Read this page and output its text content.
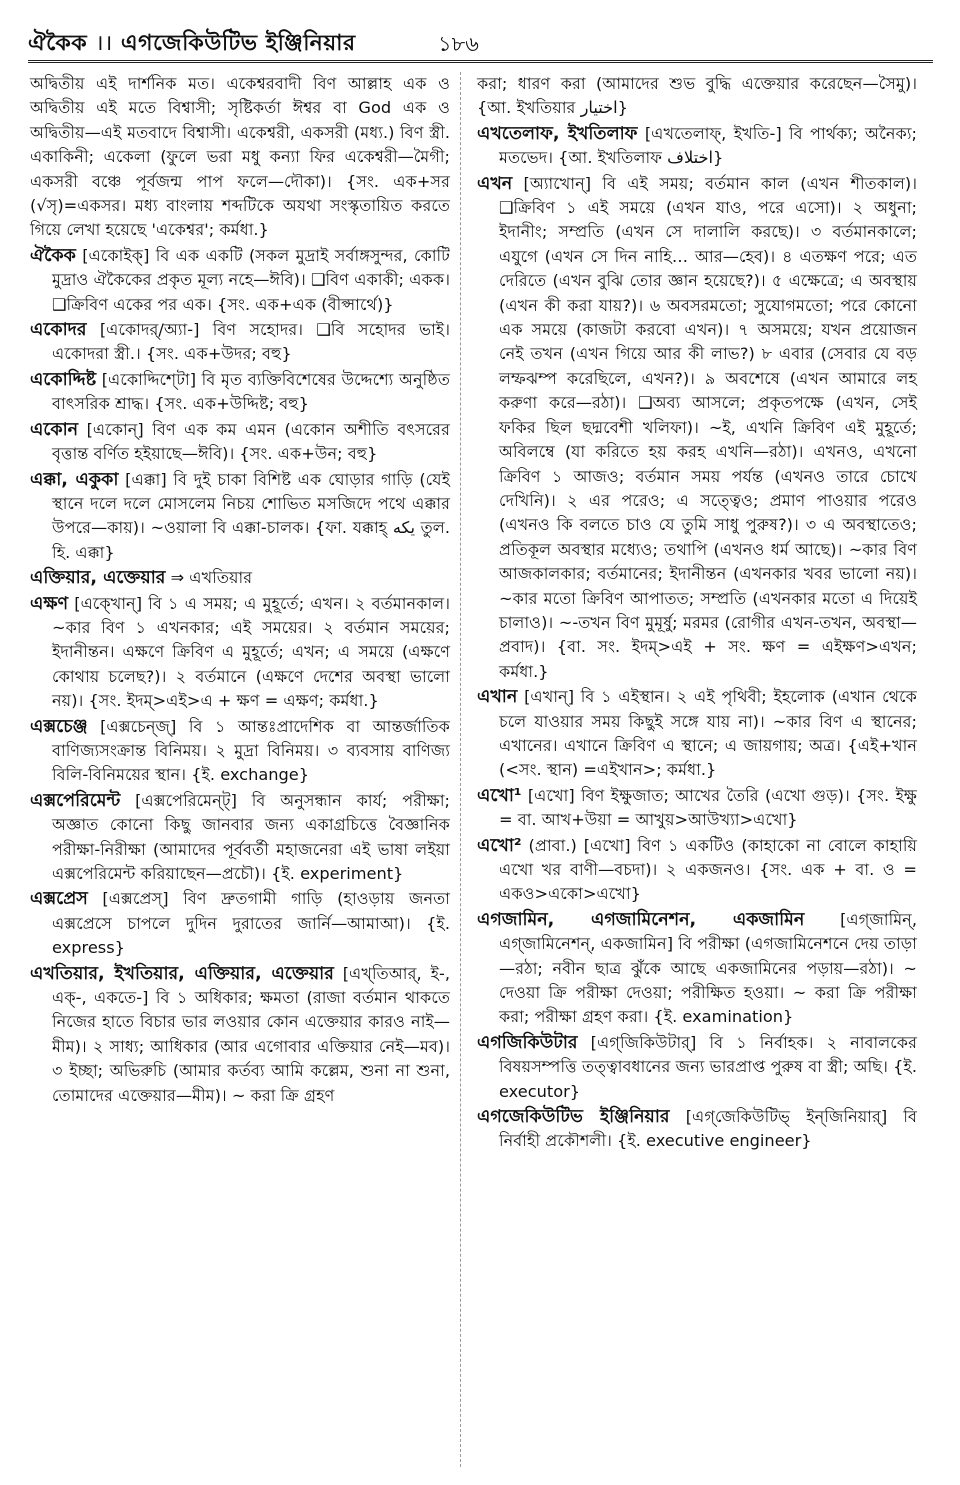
ঐকৈক ।। এগজেকিউটিভ ইঞ্জিনিয়ার	১৮৬

অদ্বিতীয় এই দার্শনিক মত। একেশ্বরবাদী বিণ আল্লাহ এক ও অদ্বিতীয় এই মতে বিশ্বাসী; সৃষ্টিকর্তা ঈশ্বর বা God এক ও অদ্বিতীয়—এই মতবাদে বিশ্বাসী। একেশ্বরী, একসরী (মধ্য.) বিণ স্ত্রী. একাকিনী; একেলা (ফুলে ভরা মধু কন্যা ফির একেশ্বরী—মৈগী; একসরী বঞ্চে পূর্বজন্ম পাপ ফলে—দৌকা)। {সং. এক+সর (√সৃ)=একসর। মধ্য বাংলায় শব্দটিকে অযথা সংস্কৃতায়িত করতে গিয়ে লেখা হয়েছে 'একেশ্বর'; কর্মধা.}

ঐকৈক [একোইক্] বি এক একটি (সকল মুদ্রাই সর্বাঙ্গসুন্দর, কোটি মুদ্রাও ঐকৈকের প্রকৃত মূল্য নহে—ঈবি)। ❑বিণ একাকী; একক। ❑ক্রিবিণ একের পর এক। {সং. এক+এক (বীপ্সার্থে)}

একোদর [একোদর্/অ্যা-] বিণ সহোদর। ❑বি সহোদর ভাই। একোদরা স্ত্রী.। {সং. এক+উদর; বহু}

একোদ্দিষ্ট [একোদ্দিশ্টো] বি মৃত ব্যক্তিবিশেষের উদ্দেশ্যে অনুষ্ঠিত বাৎসরিক শ্রাদ্ধ। {সং. এক+উদ্দিষ্ট; বহু}

একোন [একোন্] বিণ এক কম এমন (একোন অশীতি বৎসরের বৃত্তান্ত বর্ণিত হইয়াছে—ঈবি)। {সং. এক+উন; বহু}

এক্কা, একুকা [এক্কা] বি দুই চাকা বিশিষ্ট এক ঘোড়ার গাড়ি (যেই স্থানে দলে দলে মোসলেম নিচয় শোভিত মসজিদে পথে এক্কার উপরে—কায়)। ~ওয়ালা বি এক্কা-চালক। {ফা. যক্কাহ্ يکه তুল. হি. এক্কা}

এক্তিয়ার, এক্তেয়ার ⇒ এখতিয়ার

এক্ষণ [এক্খোন্] বি ১ এ সময়; এ মুহূর্তে; এখন। ২ বর্তমানকাল। ~কার বিণ ১ এখনকার; এই সময়ের। ২ বর্তমান সময়ের; ইদানীন্তন। এক্ষণে ক্রিবিণ এ মুহূর্তে; এখন; এ সময়ে (এক্ষণে কোথায় চলেছ?)। ২ বর্তমানে (এক্ষণে দেশের অবস্থা ভালো নয়)। {সং. ইদম্>এই>এ + ক্ষণ = এক্ষণ; কর্মধা.}

এক্সচেঞ্জ [এক্সচেন্‌জ্] বি ১ আন্তঃপ্রাদেশিক বা আন্তর্জাতিক বাণিজ্যসংক্রান্ত বিনিময়। ২ মুদ্রা বিনিময়। ৩ ব্যবসায় বাণিজ্য বিলি-বিনিময়ের স্থান। {ই. exchange}

এক্সপেরিমেন্ট [এক্সপেরিমেন্‌ট্] বি অনুসন্ধান কার্য; পরীক্ষা; অজ্ঞাত কোনো কিছু জানবার জন্য একাগ্রচিত্তে বৈজ্ঞানিক পরীক্ষা-নিরীক্ষা (আমাদের পূর্ববর্তী মহাজনেরা এই ভাষা লইয়া এক্সপেরিমেন্ট করিয়াছেন—প্রচৌ)। {ই. experiment}

এক্সপ্রেস [এক্সপ্রেস্] বিণ দ্রুতগামী গাড়ি (হাওড়ায় জনতা এক্সপ্রেসে চাপলে দুদিন দুরাতের জার্নি—আমাআ)। {ই. express}

এখতিয়ার, ইখতিয়ার, এক্তিয়ার, এক্তেয়ার [এখ্‌তিআর্, ই-, এক্-, একতে-] বি ১ অধিকার; ক্ষমতা (রাজা বর্তমান থাকতে নিজের হাতে বিচার ভার লওয়ার কোন এক্তেয়ার কারও নাই—মীম)। ২ সাধ্য; আধিকার (আর এগোবার এক্তিয়ার নেই—মব)। ৩ ইচ্ছা; অভিরুচি (আমার কর্তব্য আমি কল্লেম, শুনা না শুনা, তোমাদের এক্তেয়ার—মীম)। ~ করা ক্রি গ্রহণ

করা; ধারণ করা (আমাদের শুভ বুদ্ধি এক্তেয়ার করেছেন—সৈমু)। {আ. ইখতিয়ার اختيار}

এখতেলাফ, ইখতিলাফ [এখতেলাফ্, ইখতি-] বি পার্থক্য; অনৈক্য; মতভেদ। {আ. ইখতিলাফ اختلاف}

এখন [অ্যাখোন্] বি এই সময়; বর্তমান কাল (এখন শীতকাল)। ❑ক্রিবিণ ১ এই সময়ে (এখন যাও, পরে এসো)। ২ অধুনা; ইদানীং; সম্প্রতি (এখন সে দালালি করছে)। ৩ বর্তমানকালে; এযুগে (এখন সে দিন নাহি… আর—হেব)। ৪ এতক্ষণ পরে; এত দেরিতে (এখন বুঝি তোর জ্ঞান হয়েছে?)। ৫ এক্ষেত্রে; এ অবস্থায় (এখন কী করা যায়?)। ৬ অবসরমতো; সুযোগমতো; পরে কোনো এক সময়ে (কাজটা করবো এখন)। ৭ অসময়ে; যখন প্রয়োজন নেই তখন (এখন গিয়ে আর কী লাভ?) ৮ এবার (সেবার যে বড় লম্ফঝম্প করেছিলে, এখন?)। ৯ অবশেষে (এখন আমারে লহ করুণা করে—রঠা)। ❑অব্য আসলে; প্রকৃতপক্ষে (এখন, সেই ফকির ছিল ছদ্মবেশী খলিফা)। ~ই, এখনি ক্রিবিণ এই মুহূর্তে; অবিলম্বে (যা করিতে হয় করহ এখনি—রঠা)। এখনও, এখনো ক্রিবিণ ১ আজও; বর্তমান সময় পর্যন্ত (এখনও তারে চোখে দেখিনি)। ২ এর পরেও; এ সত্ত্বেও; প্রমাণ পাওয়ার পরেও (এখনও কি বলতে চাও যে তুমি সাধু পুরুষ?)। ৩ এ অবস্থাতেও; প্রতিকূল অবস্থার মধ্যেও; তথাপি (এখনও ধর্ম আছে)। ~কার বিণ আজকালকার; বর্তমানের; ইদানীন্তন (এখনকার খবর ভালো নয়)। ~কার মতো ক্রিবিণ আপাতত; সম্প্রতি (এখনকার মতো এ দিয়েই চালাও)। ~-তখন বিণ মুমূর্ষু; মরমর (রোগীর এখন-তখন, অবস্থা—প্রবাদ)। {বা. সং. ইদম্>এই + সং. ক্ষণ = এইক্ষণ>এখন; কর্মধা.}

এখান [এখান্] বি ১ এইস্থান। ২ এই পৃথিবী; ইহলোক (এখান থেকে চলে যাওয়ার সময় কিছুই সঙ্গে যায় না)। ~কার বিণ এ স্থানের; এখানের। এখানে ক্রিবিণ এ স্থানে; এ জায়গায়; অত্র। {এই+খান (<সং. স্থান) =এইখান>; কর্মধা.}

এখো¹ [এখো] বিণ ইক্ষুজাত; আখের তৈরি (এখো গুড়)। {সং. ইক্ষু = বা. আখ+উয়া = আখুয়>আউখ্যা>এখো}

এখো² (প্রাবা.) [এখো] বিণ ১ একটিও (কাহাকো না বোলে কাহায়ি এখো খর বাণী—বচদা)। ২ একজনও। {সং. এক + বা. ও = একও>একো>এখো}

এগজামিন, এগজামিনেশন, একজামিন [এগ্‌জামিন্, এগ্‌জামিনেশন্, একজামিন] বি পরীক্ষা (এগজামিনেশনে দেয় তাড়া—রঠা; নবীন ছাত্র ঝুঁকে আছে একজামিনের পড়ায়—রঠা)। ~ দেওয়া ক্রি পরীক্ষা দেওয়া; পরীক্ষিত হওয়া। ~ করা ক্রি পরীক্ষা করা; পরীক্ষা গ্রহণ করা। {ই. examination}

এগজিকিউটার [এগ্‌জিকিউটার্] বি ১ নির্বাহক। ২ নাবালকের বিষয়সম্পত্তি তত্ত্বাবধানের জন্য ভারপ্রাপ্ত পুরুষ বা স্ত্রী; অছি। {ই. executor}

এগজেকিউটিভ ইঞ্জিনিয়ার [এগ্‌জেকিউটিভ্‌ ইন্‌জিনিয়ার্] বি নির্বাহী প্রকৌশলী। {ই. executive engineer}
